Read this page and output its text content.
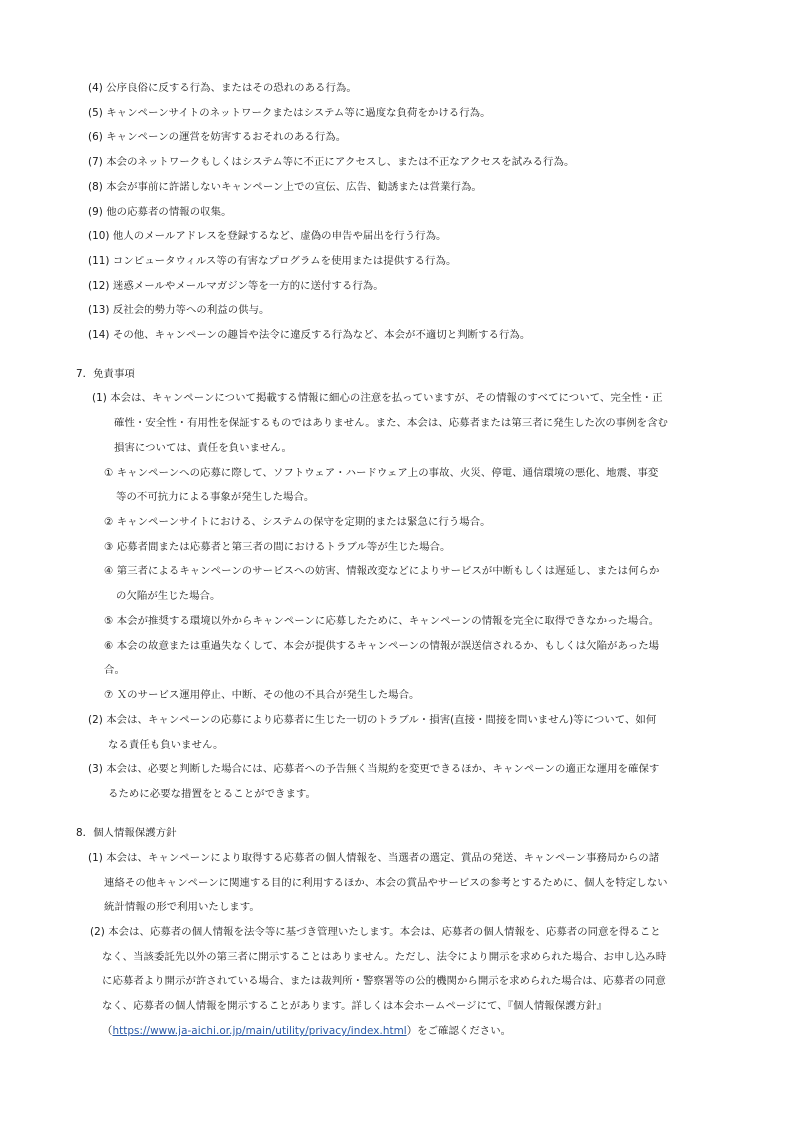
(4) 公序良俗に反する行為、またはその恐れのある行為。
(5) キャンペーンサイトのネットワークまたはシステム等に過度な負荷をかける行為。
(6) キャンペーンの運営を妨害するおそれのある行為。
(7) 本会のネットワークもしくはシステム等に不正にアクセスし、または不正なアクセスを試みる行為。
(8) 本会が事前に許諾しないキャンペーン上での宣伝、広告、勧誘または営業行為。
(9) 他の応募者の情報の収集。
(10) 他人のメールアドレスを登録するなど、虚偽の申告や届出を行う行為。
(11) コンピュータウィルス等の有害なプログラムを使用または提供する行為。
(12) 迷惑メールやメールマガジン等を一方的に送付する行為。
(13) 反社会的勢力等への利益の供与。
(14) その他、キャンペーンの趣旨や法令に違反する行為など、本会が不適切と判断する行為。
7．免責事項
(1) 本会は、キャンペーンについて掲載する情報に細心の注意を払っていますが、その情報のすべてについて、完全性・正
確性・安全性・有用性を保証するものではありません。また、本会は、応募者または第三者に発生した次の事例を含む
損害については、責任を負いません。
① キャンペーンへの応募に際して、ソフトウェア・ハードウェア上の事故、火災、停電、通信環境の悪化、地震、事変
等の不可抗力による事象が発生した場合。
② キャンペーンサイトにおける、システムの保守を定期的または緊急に行う場合。
③ 応募者間または応募者と第三者の間におけるトラブル等が生じた場合。
④ 第三者によるキャンペーンのサービスへの妨害、情報改変などによりサービスが中断もしくは遅延し、または何らか
の欠陥が生じた場合。
⑤ 本会が推奨する環境以外からキャンペーンに応募したために、キャンペーンの情報を完全に取得できなかった場合。
⑥ 本会の故意または重過失なくして、本会が提供するキャンペーンの情報が誤送信されるか、もしくは欠陥があった場
合。
⑦ Ｘのサービス運用停止、中断、その他の不具合が発生した場合。
(2) 本会は、キャンペーンの応募により応募者に生じた一切のトラブル・損害(直接・間接を問いません)等について、如何
なる責任も負いません。
(3) 本会は、必要と判断した場合には、応募者への予告無く当規約を変更できるほか、キャンペーンの適正な運用を確保す
るために必要な措置をとることができます。
8．個人情報保護方針
(1) 本会は、キャンペーンにより取得する応募者の個人情報を、当選者の選定、賞品の発送、キャンペーン事務局からの諸
連絡その他キャンペーンに関連する目的に利用するほか、本会の賞品やサービスの参考とするために、個人を特定しない
統計情報の形で利用いたします。
(2) 本会は、応募者の個人情報を法令等に基づき管理いたします。本会は、応募者の個人情報を、応募者の同意を得ること
なく、当該委託先以外の第三者に開示することはありません。ただし、法令により開示を求められた場合、お申し込み時
に応募者より開示が許されている場合、または裁判所・警察署等の公的機関から開示を求められた場合は、応募者の同意
なく、応募者の個人情報を開示することがあります。詳しくは本会ホームページにて、『個人情報保護方針』
（https://www.ja-aichi.or.jp/main/utility/privacy/index.html）をご確認ください。
